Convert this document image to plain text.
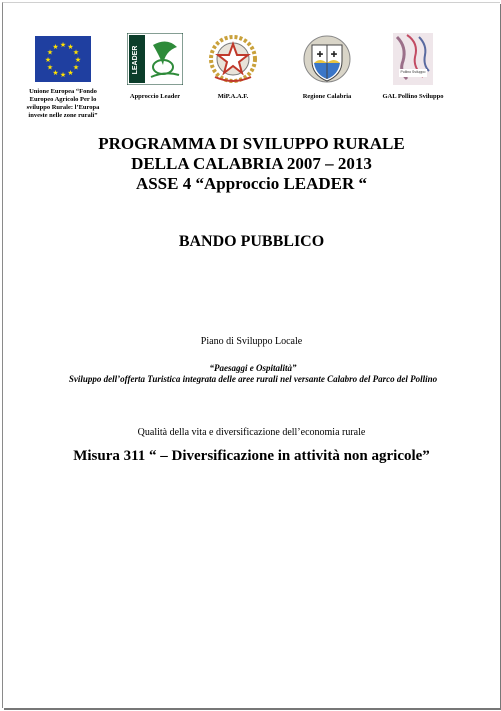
★
★
★
★
★
★
★
★
★ ★ ★
★
Unione Europea “Fondo Europeo Agricolo Per lo sviluppo Rurale: l’Europa investe nelle zone rurali”
LEADER
Approccio Leader	MiP.A.A.F.
✚ ✚
Regione Calabria
Pollino Sviluppo
GAL Pollino Sviluppo
PROGRAMMA DI SVILUPPO RURALE
DELLA CALABRIA 2007 – 2013
ASSE 4 “Approccio LEADER “
BANDO PUBBLICO
Piano di Sviluppo Locale
“Paesaggi e Ospitalità”
Sviluppo dell’offerta Turistica integrata delle aree rurali nel versante Calabro del Parco del Pollino
Qualità della vita e diversificazione dell’economia rurale
Misura 311 “ – Diversificazione in attività non agricole”
